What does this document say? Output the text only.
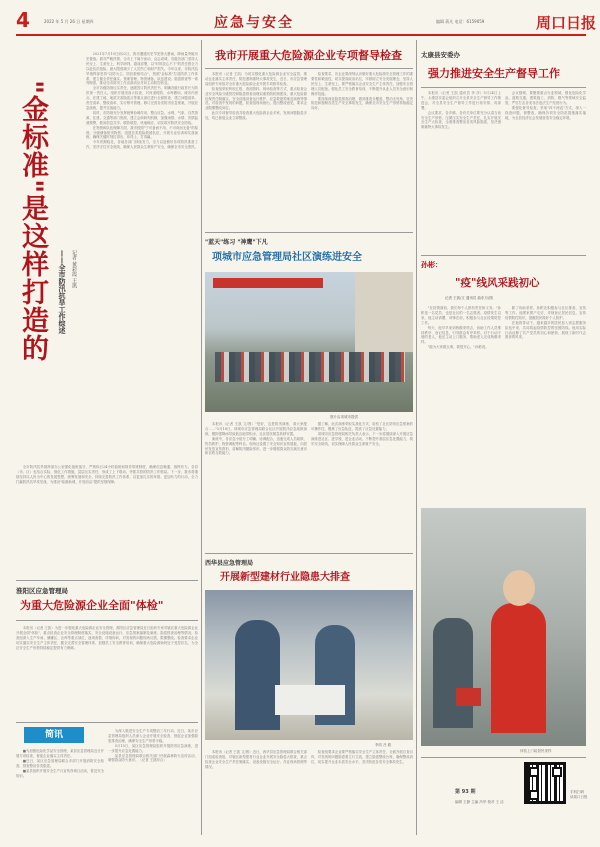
4	2022 年 5 月 26 日 星期四	应急与安全	编辑 蒋凡 电话：6159059	周口日报
"金标准"是这样打造的	——全市防汛抗旱工作综述	记者 黄彩霞 王凯

2021年7月19日到22日，我市遭遇历史罕见特大暴雨，降雨量突破历史极值。面对严峻汛情，全市上下闻令而动、众志成城，各级各部门坚持人民至上、生命至上，科学研判、超前部署，以"时时放心不下"的责任感全力以赴抗洪抢险，最大限度减少了人员伤亡和财产损失。今年以来，市防汛抗旱指挥部坚持"以防为主、防抗救相结合"，按照"金标准"打造防汛工作体系，建立健全责任落实、预案管理、物资储备、队伍建设、隐患排查等一系列制度，推动全市防汛工作由被动应对向主动防控转变。

全市各级防指压实责任，逐级签订防汛责任书，明确各级行政首长为防汛第一责任人。组织开展汛前大检查，对河道堤防、水库塘坝、城市内涝点、在建工地、地质灾害隐患点等重点部位进行全面排查，建立问题清单、责任清单、整改清单，实行销号管理。修订完善各类防汛应急预案，开展应急演练，提升实战能力。

同时，市防指充分发挥统筹协调作用，整合应急、水利、气象、自然资源、住建、交通等部门资源，建立会商研判机制，加强雨情、水情、汛情监测预警，做到信息共享、联防联控、快速响应，切实筑牢防汛安全防线。

在物资和队伍保障方面，我市按照"宁可备而不用，不可用而无备"的原则，分级储备防汛物资，组建各类抢险救援队伍，开展专业培训和实战演练，确保关键时刻拉得出、冲得上、打得赢。

今年汛期临近，各地各部门持续发力，全力以赴做好各项防汛准备工作，坚决守住安全底线，确保人民群众生命财产安全，确保全市安全度汛。

全市防汛抗旱指挥部办公室强化值班值守，严格执行24小时值班和领导带班制度，确保信息畅通、指挥有力。各县（市、区）也结合实际，细化工作措施，层层压实责任，形成了上下联动、齐抓共管的防汛工作格局。下一步，我市将继续坚持以人民为中心的发展思想，统筹发展和安全，持续完善防汛工作体系，以更加扎实的举措、更加有力的行动，全力打赢防汛抗旱攻坚战，为建设"临港新城、开放前沿"提供坚强保障。

淮阳区应急管理局
为重大危险源企业全面"体检"

本报讯（记者 王凯）为进一步强化重大危险源企业安全管理，淮阳区应急管理局近日组织专家对辖区重大危险源企业开展全面"体检"，重点检查企业安全管理制度落实、安全设施设备运行、应急预案编制及演练、隐患排查治理等情况。检查组深入生产车间、储罐区、仓库等重点部位，逐项查看、详细询问，对发现的问题现场反馈、限期整改。检查要求企业切实落实安全生产主体责任，健全完善安全管理体系，加强员工安全教育培训，确保重大危险源始终处于受控状态，为全区安全生产形势持续稳定提供有力保障。

简讯

■为加强危险化学品安全管理，某县应急管理局近日开展专项检查，督促企业落实主体责任。

■近日，某区应急管理局联合多部门开展消防安全检查，排查整治各类隐患。

■某县组织开展安全生产月宣传咨询日活动，普及安全知识。

为深入推进安全生产专项整治三年行动，近日，某市应急管理局组织人员深入企业开展安全检查，督促企业加强隐患排查治理，确保安全生产形势平稳。

5月15日，某区应急管理局组织开展防汛应急演练，进一步提升应急处置能力。

某县应急管理局联合相关部门开展森林防火宣传活动，增强群众防火意识。（记者 王凯综合）

我市开展重大危险源企业专项督导检查

本报讯（记者 王凯）为切实强化重大危险源企业安全监管，推动企业落实主体责任，防范遏制重特大事故发生，近日，市应急管理局组织专家组对全市重大危险源企业开展专项督导检查。

检查组采取听取汇报、查阅资料、现场检查等方式，重点检查企业安全风险分级管控和隐患排查治理双重预防机制建设、重大危险源包保责任制落实、安全设施设备运行维护、应急救援预案及演练等情况。对检查中发现的问题，检查组现场指出，提出整改意见，要求企业限期整改到位。

此次专项督导检查共检查重大危险源企业多家，发现问题隐患多处，均已督促企业立即整改。

检查要求，各企业要深刻认识做好重大危险源安全管理工作的重要性和紧迫性，切实提高政治站位，牢固树立安全发展理念，坚持人民至上、生命至上。要严格落实企业安全生产主体责任，加强安全管理人员配备，强化员工安全教育培训，不断提升从业人员安全意识和操作技能。

要持续深化隐患排查治理，做到排查全覆盖、整治无死角，坚决防范和遏制各类生产安全事故发生，确保全市安全生产形势持续稳定向好。

"蓝天"练习 "神鹰"下凡
项城市应急管理局社区演练进安全
图片由项城市提供

本报讯（记者 王凯 文/图）"您好，这是防汛演练，请大家配合……"5月18日，项城市应急管理局联合社区开展防汛应急疏散演练，模拟强降雨导致低洼地带积水，社区居民紧急转移安置。

演练中，各应急小组分工明确、协调配合，迅速完成人员疏散、伤员救护、物资调配等科目。现场还设置了安全知识宣传展板，向居民发放宣传资料，讲解防汛避险常识，进一步增强群众防灾减灾意识和自救互救能力。

据了解，此次演练采取实战化方式，检验了社区防汛应急预案的可操作性，锻炼了应急队伍，提高了应急处置能力。

项城市应急管理局相关负责人表示，下一步将继续深入开展应急演练进社区、进学校、进企业活动，不断提升基层应急处置能力，筑牢安全防线，切实保障人民群众生命财产安全。

西华县应急管理局
开展新型建材行业隐患大排查
李同 吕 聪

本报讯（记者 王凯 文/图）近日，西华县应急管理局联合相关部门组成检查组，对辖区新型建材行业企业开展安全隐患大排查，重点检查企业安全生产责任制落实、设备设施安全运行、作业现场管理等情况。

检查组要求企业要严格落实安全生产主体责任，全面开展自查自纠，对发现的问题隐患要立行立改，建立隐患整改台账，确保整改到位，切实提升企业本质安全水平，坚决防范各类安全事故发生。

太康县安委办
强力推进安全生产督导工作

本报讯（记者 王凯 通讯员 李 彦）5月24日上午，太康县安委会组织召开全县安全生产督导工作推进会，对全县安全生产督导工作进行再安排、再部署。

会议要求，各乡镇、各有关单位要充分认清当前安全生产形势，压紧压实安全生产责任，扎实开展安全生产大检查，全面排查整治各类风险隐患，坚决遏制重特大事故发生。

会议强调，要聚焦重点行业领域，强化危险化学品、道路交通、建筑施工、消防、燃气等领域安全监管，严厉打击各类非法违法生产经营行为。

要强化督导检查，采取"四不两直"方式，深入一线查问题、督整改，确保各项安全防范措施落实落地，为全县经济社会发展营造安全稳定环境。

孙彬：
"疫"线风采践初心
记者 王凯/文 通讯员 曲东月/图

"在疫情面前，我们每个人都有责任和义务。"孙彬是一名党员，也是社区的一名志愿者。疫情发生以来，他主动请缨，冲锋在前，积极参与社区疫情防控工作。

每天，他早早来到核酸采样点，协助工作人员维持秩序、登记信息、引导群众有序采样。对于行动不便的老人，他还主动上门服务，帮助老人完成核酸采样。

"能为大家做点事，我很开心。"孙彬说。

除了协助采样，孙彬还积极参与社区排查、宣传等工作。他挨家挨户走访，详细登记居民信息，宣传疫情防控知识，提醒居民做好个人防护。

在他的带动下，越来越多的居民加入到志愿服务队伍中来，共同筑起疫情防控的坚固防线。他用实际行动诠释了共产党员的初心和使命，展现了新时代志愿者的风采。

体验上门给居民采样
编辑 王静 主编 冯华 校对 王 洁
第 93 期	手机扫码 读周口日报
